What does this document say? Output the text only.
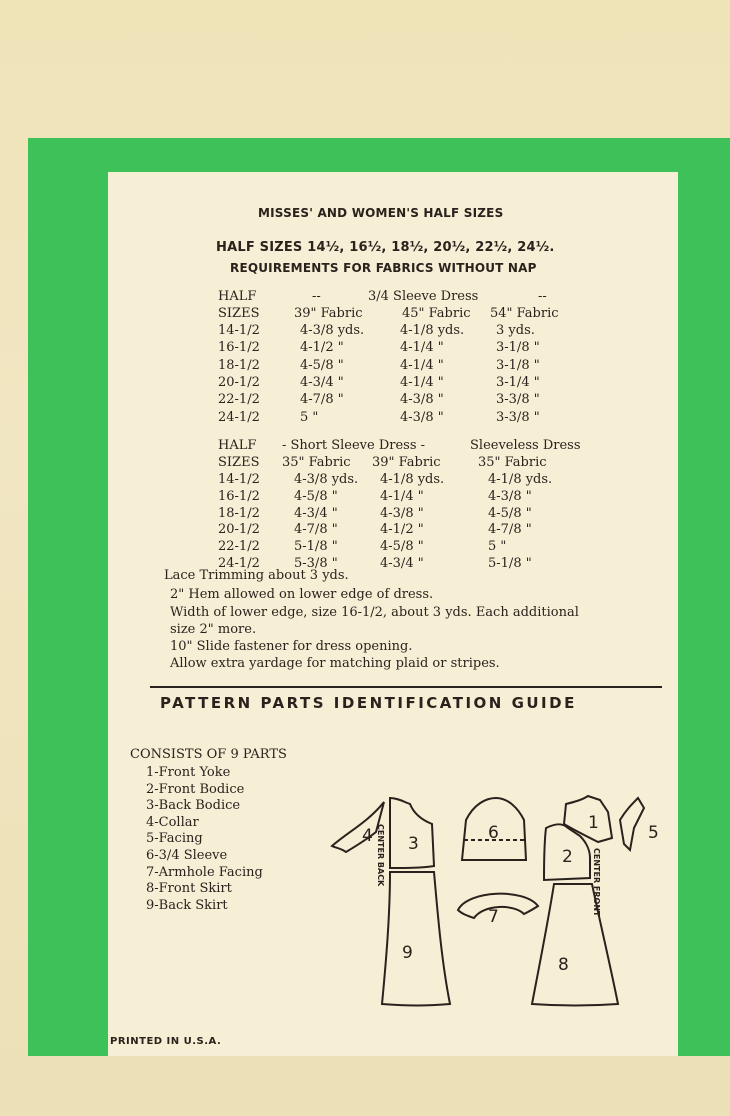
MISSES' AND WOMEN'S HALF SIZES
HALF SIZES 14½, 16½, 18½, 20½, 22½, 24½.
REQUIREMENTS FOR FABRICS WITHOUT NAP
HALF	--	3/4 Sleeve Dress	--
SIZES	39" Fabric	45" Fabric 54" Fabric
14-1/2	4-3/8 yds.	4-1/8 yds. 3 yds.
16-1/2	4-1/2 "	4-1/4 "	3-1/8 "
18-1/2	4-5/8 "	4-1/4 "	3-1/8 "
20-1/2	4-3/4 "	4-1/4 "	3-1/4 "
22-1/2	4-7/8 "	4-3/8 "	3-3/8 "
24-1/2	5 "	4-3/8 "	3-3/8 "
HALF - Short Sleeve Dress -	Sleeveless Dress
SIZES 35" Fabric 39" Fabric	35" Fabric
14-1/2	4-3/8 yds. 4-1/8 yds.	4-1/8 yds.
16-1/2	4-5/8 "	4-1/4 "	4-3/8 "
18-1/2	4-3/4 "	4-3/8 "	4-5/8 "
20-1/2	4-7/8 "	4-1/2 "	4-7/8 "
22-1/2	5-1/8 "	4-5/8 "	5 "
24-1/2	5-3/8 "	4-3/4 "	5-1/8 "
Lace Trimming about 3 yds.
2" Hem allowed on lower edge of dress.
Width of lower edge, size 16-1/2, about 3 yds. Each additional
size 2" more.
10" Slide fastener for dress opening.
Allow extra yardage for matching plaid or stripes.
PATTERN PARTS IDENTIFICATION GUIDE
CONSISTS OF 9 PARTS
1-Front Yoke
2-Front Bodice
3-Back Bodice
4-Collar
5-Facing
6-3/4 Sleeve
7-Armhole Facing
8-Front Skirt
9-Back Skirt
4 3
9
6
7
1	5
2
8
CENTER BACK	CENTER FRONT
PRINTED IN U.S.A.
